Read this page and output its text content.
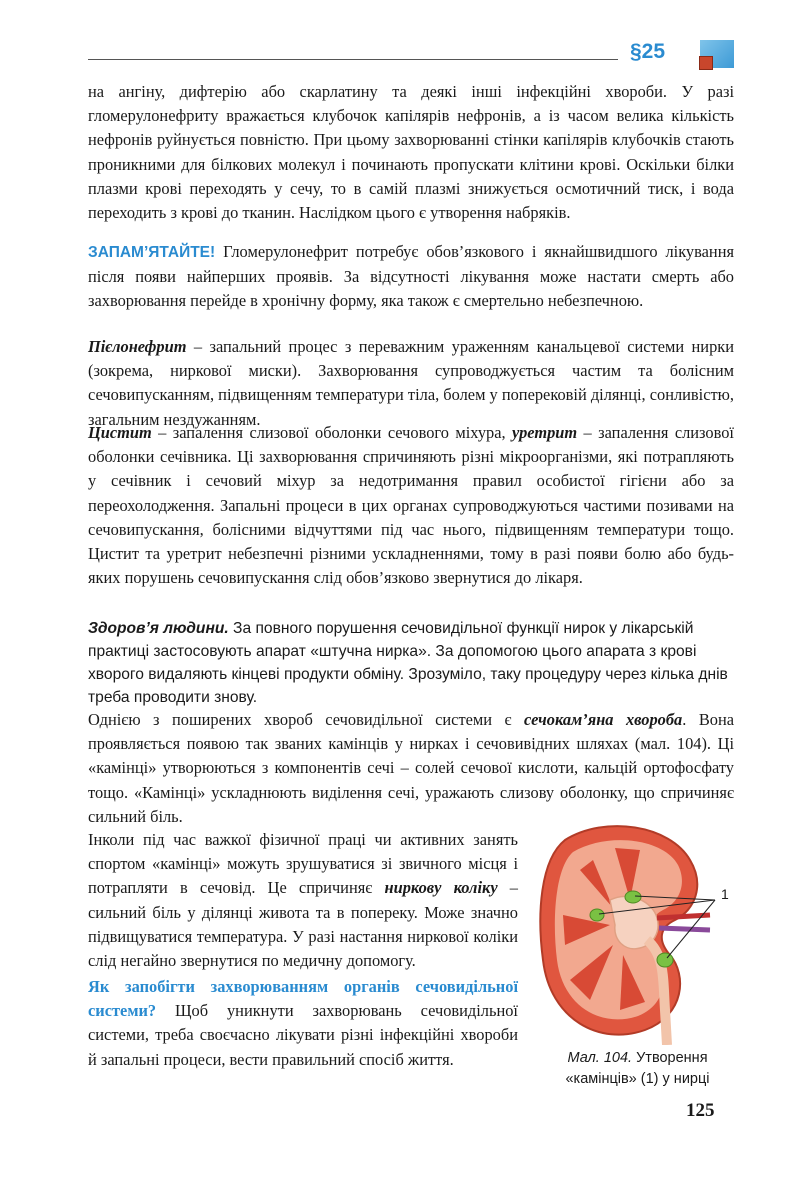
§25

на ангіну, дифтерію або скарлатину та деякі інші інфекційні хвороби. У разі гломерулонефриту вражається клубочок капілярів нефронів, а із часом велика кількість нефронів руйнується повністю. При цьому захворюванні стінки капілярів клубочків стають проникними для білкових молекул і починають пропускати клітини крові. Оскільки білки плазми крові переходять у сечу, то в самій плазмі знижується осмотичний тиск, і вода переходить з крові до тканин. Наслідком цього є утворення набряків.

ЗАПАМ’ЯТАЙТЕ! Гломерулонефрит потребує обов’язкового і якнайшвидшого лікування після появи найперших проявів. За відсутності лікування може настати смерть або захворювання перейде в хронічну форму, яка також є смертельно небезпечною.

Пієлонефрит – запальний процес з переважним ураженням канальцевої системи нирки (зокрема, ниркової миски). Захворювання супроводжується частим та болісним сечовипусканням, підвищенням температури тіла, болем у поперековій ділянці, сонливістю, загальним нездужанням.

Цистит – запалення слизової оболонки сечового міхура, уретрит – запалення слизової оболонки сечівника. Ці захворювання спричиняють різні мікроорганізми, які потрапляють у сечівник і сечовий міхур за недотримання правил особистої гігієни або за переохолодження. Запальні процеси в цих органах супроводжуються частими позивами на сечовипускання, болісними відчуттями під час нього, підвищенням температури тощо. Цистит та уретрит небезпечні різними ускладненнями, тому в разі появи болю або будь-яких порушень сечовипускання слід обов’язково звернутися до лікаря.

Здоров’я людини. За повного порушення сечовидільної функції нирок у лікарській практиці застосовують апарат «штучна нирка». За допомогою цього апарата з крові хворого видаляють кінцеві продукти обміну. Зрозуміло, таку процедуру через кілька днів треба проводити знову.

Однією з поширених хвороб сечовидільної системи є сечокам’яна хвороба. Вона проявляється появою так званих камінців у нирках і сечовивідних шляхах (мал. 104). Ці «камінці» утворюються з компонентів сечі – солей сечової кислоти, кальцій ортофосфату тощо. «Камінці» ускладнюють виділення сечі, уражають слизову оболонку, що спричиняє сильний біль.

Інколи під час важкої фізичної праці чи активних занять спортом «камінці» можуть зрушуватися зі звичного місця і потрапляти в сечовід. Це спричиняє ниркову коліку – сильний біль у ділянці живота та в попереку. Може значно підвищуватися температура. У разі настання ниркової коліки слід негайно звернутися по медичну допомогу.

Як запобігти захворюванням органів сечовидільної системи? Щоб уникнути захворювань сечовидільної системи, треба своєчасно лікувати різні інфекційні хвороби й запальні процеси, вести правильний спосіб життя.

1
Мал. 104. Утворення «камінців» (1) у нирці
125
